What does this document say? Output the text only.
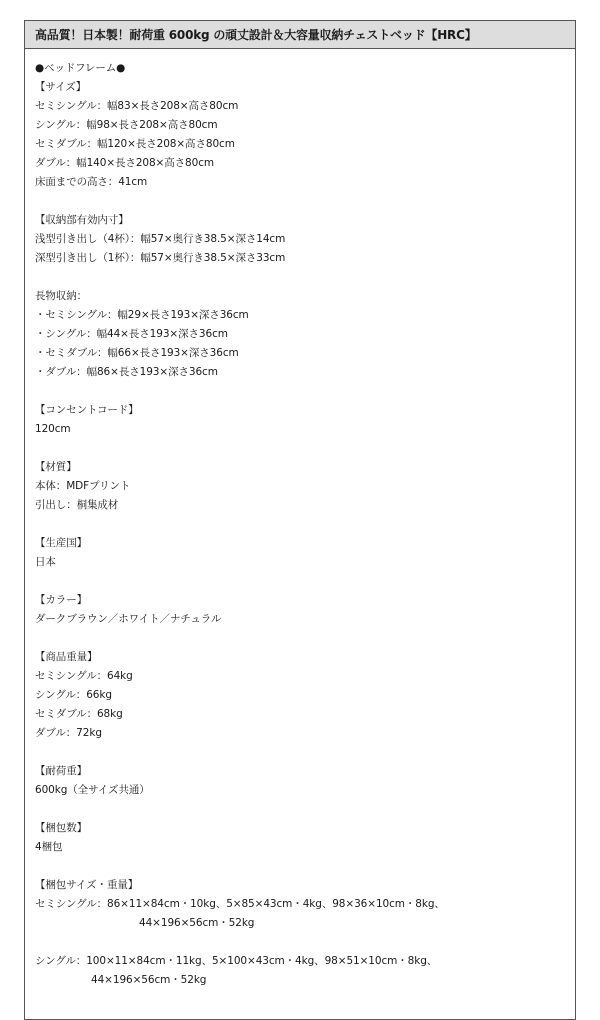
高品質！日本製！耐荷重 600kg の頑丈設計＆大容量収納チェストベッド【HRC】
●ベッドフレーム●
【サイズ】
セミシングル：幅83×長さ208×高さ80cm
シングル：幅98×長さ208×高さ80cm
セミダブル：幅120×長さ208×高さ80cm
ダブル：幅140×長さ208×高さ80cm
床面までの高さ：41cm
【収納部有効内寸】
浅型引き出し（4杯）：幅57×奥行き38.5×深さ14cm
深型引き出し（1杯）：幅57×奥行き38.5×深さ33cm
長物収納：
・セミシングル：幅29×長さ193×深さ36cm
・シングル：幅44×長さ193×深さ36cm
・セミダブル：幅66×長さ193×深さ36cm
・ダブル：幅86×長さ193×深さ36cm
【コンセントコード】
120cm
【材質】
本体：MDFプリント
引出し：桐集成材
【生産国】
日本
【カラー】
ダークブラウン／ホワイト／ナチュラル
【商品重量】
セミシングル：64kg
シングル：66kg
セミダブル：68kg
ダブル：72kg
【耐荷重】
600kg（全サイズ共通）
【梱包数】
4梱包
【梱包サイズ・重量】
セミシングル：86×11×84cm・10kg、5×85×43cm・4kg、98×36×10cm・8kg、
44×196×56cm・52kg
シングル：100×11×84cm・11kg、5×100×43cm・4kg、98×51×10cm・8kg、
44×196×56cm・52kg
